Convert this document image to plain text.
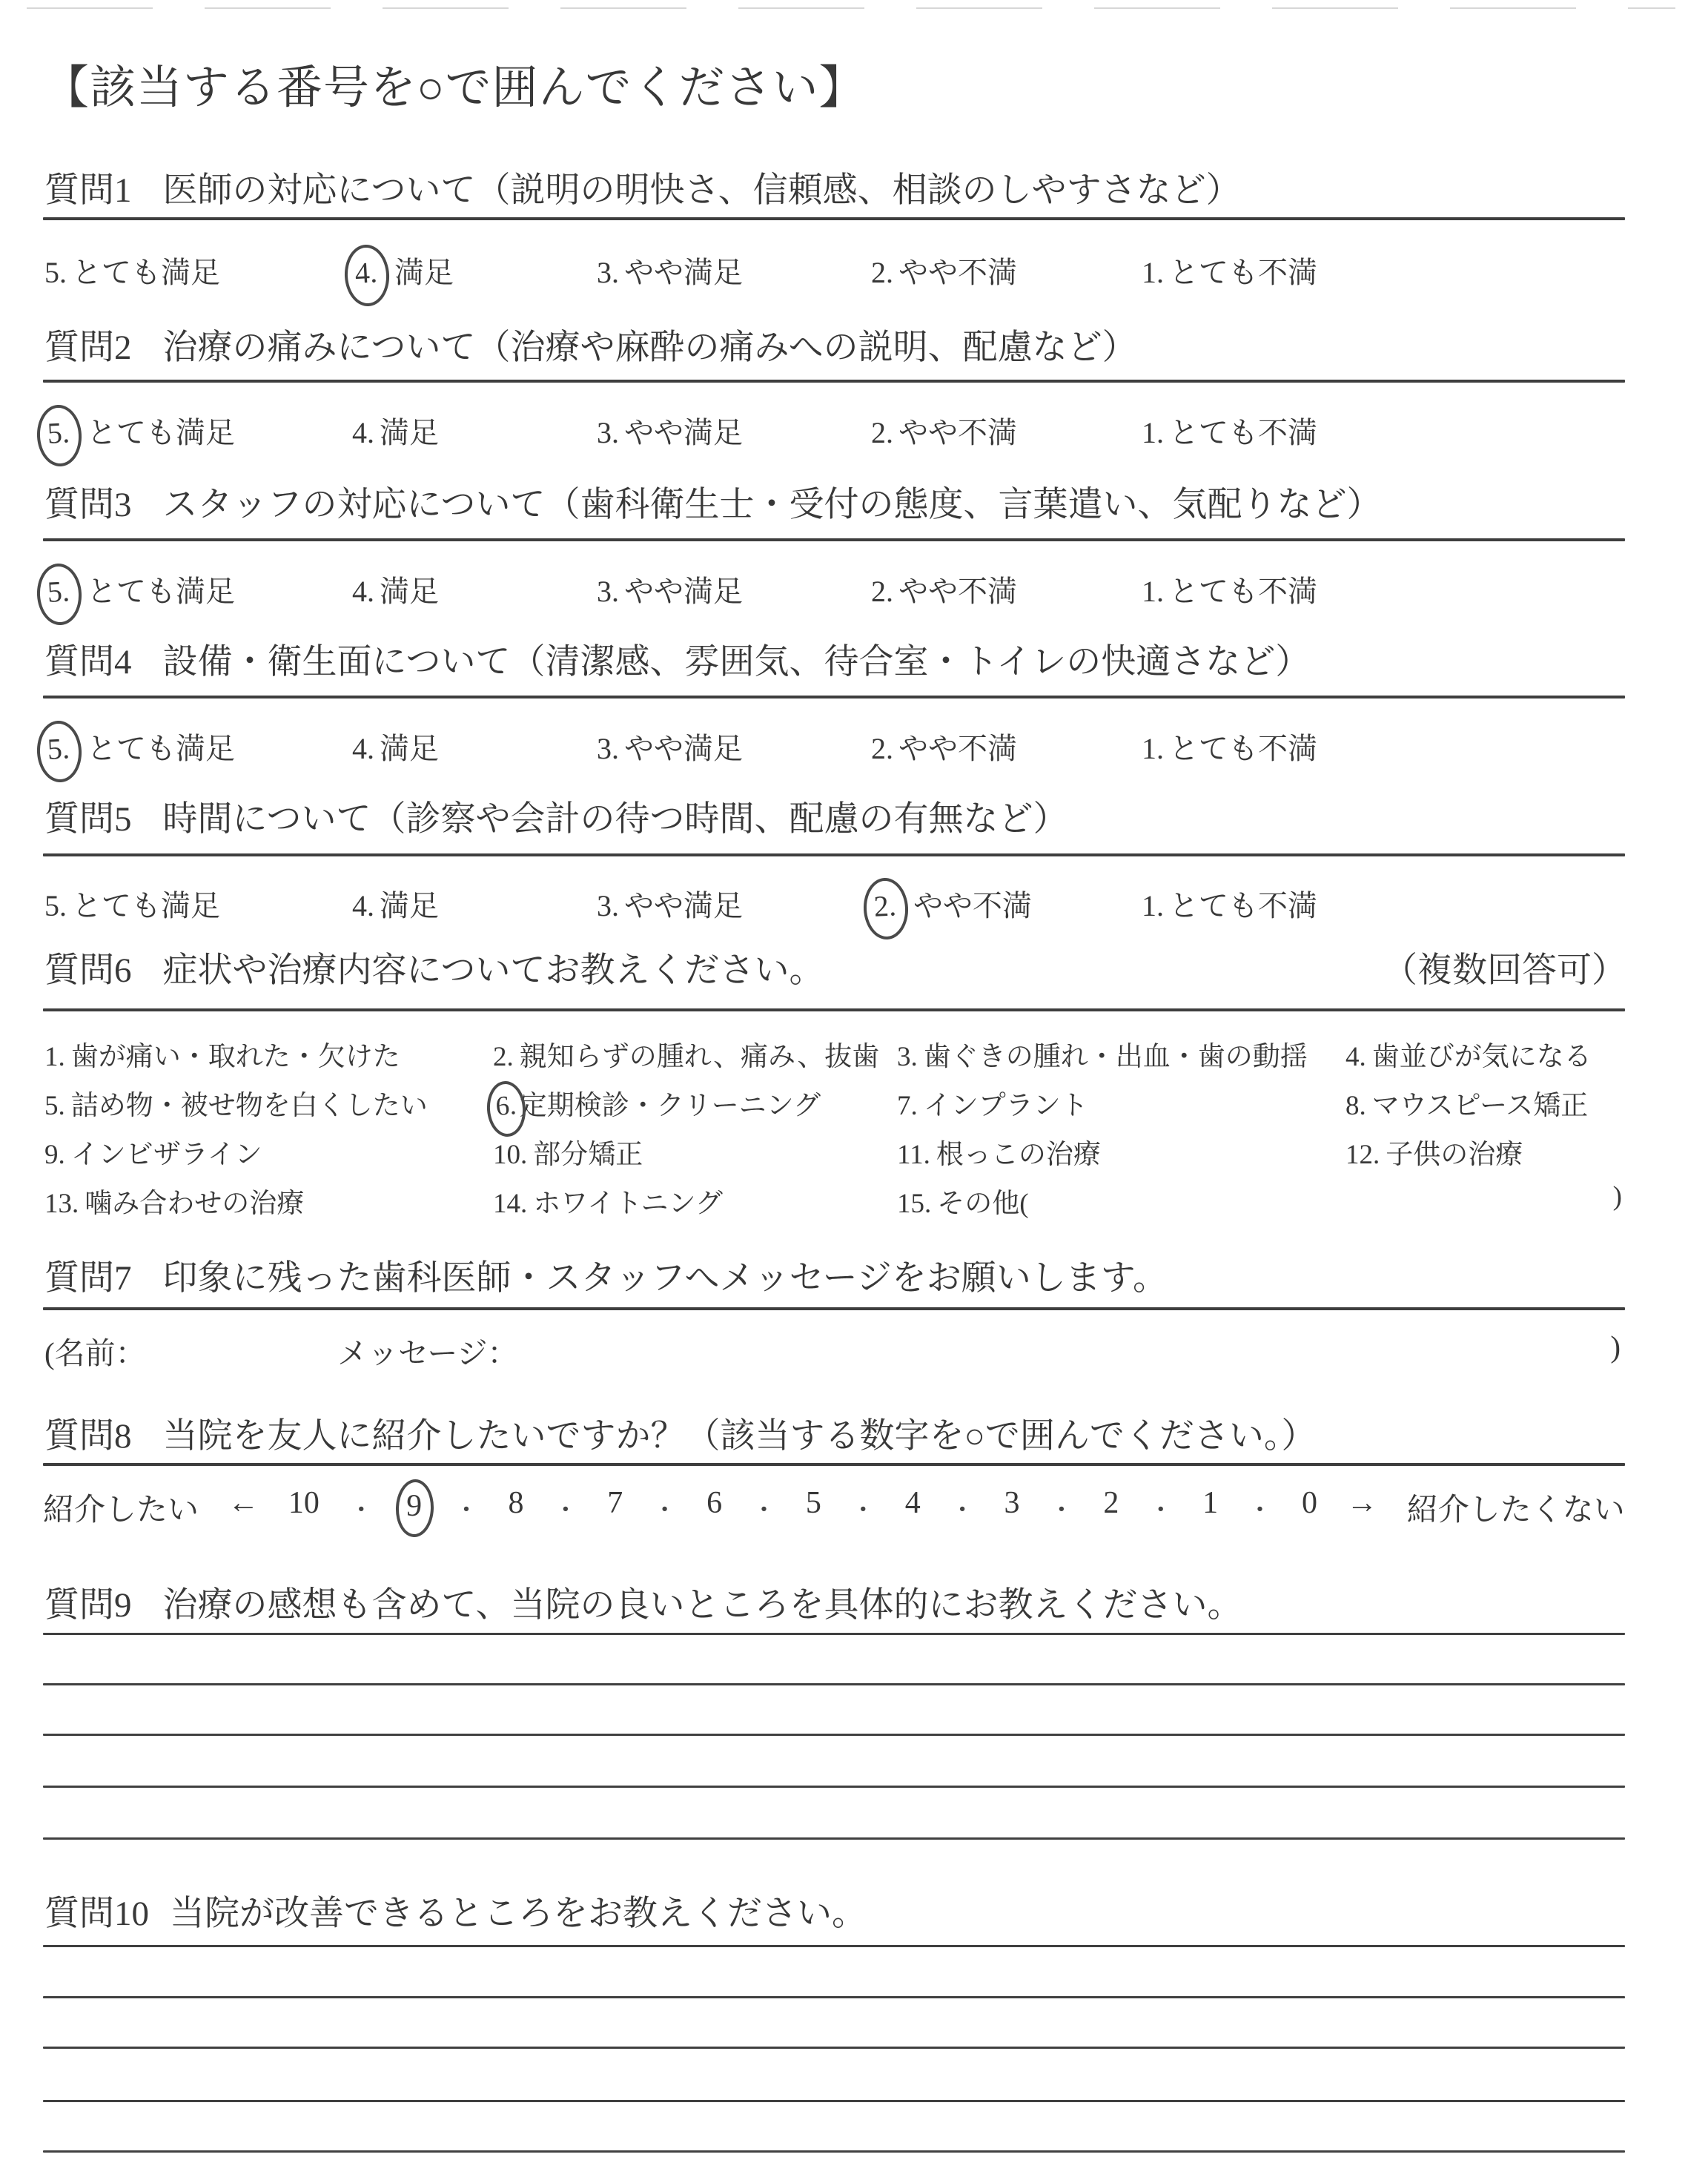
【該当する番号を○で囲んでください】
質問1 医師の対応について（説明の明快さ、信頼感、相談のしやすさなど）
5. とても満足	4. 満足	3. やや満足	2. やや不満	1. とても不満
質問2 治療の痛みについて（治療や麻酔の痛みへの説明、配慮など）
5. とても満足	4. 満足	3. やや満足	2. やや不満	1. とても不満
質問3 スタッフの対応について（歯科衛生士・受付の態度、言葉遣い、気配りなど）
5. とても満足	4. 満足	3. やや満足	2. やや不満	1. とても不満
質問4 設備・衛生面について（清潔感、雰囲気、待合室・トイレの快適さなど）
5. とても満足	4. 満足	3. やや満足	2. やや不満	1. とても不満
質問5 時間について（診察や会計の待つ時間、配慮の有無など）
5. とても満足	4. 満足	3. やや満足	2. やや不満	1. とても不満
質問6 症状や治療内容についてお教えください。	（複数回答可）
1. 歯が痛い・取れた・欠けた	2. 親知らずの腫れ、痛み、抜歯 3. 歯ぐきの腫れ・出血・歯の動揺 4. 歯並びが気になる
5. 詰め物・被せ物を白くしたい 6.定期検診・クリーニング	7. インプラント	8. マウスピース矯正
9. インビザライン	10. 部分矯正	11. 根っこの治療	12. 子供の治療
13. 噛み合わせの治療	14. ホワイトニング	15. その他(	)
質問7 印象に残った歯科医師・スタッフへメッセージをお願いします。
(名前：	メッセージ：	)
質問8 当院を友人に紹介したいですか？（該当する数字を○で囲んでください。）
紹介したい ← 10 ・	9	・ 8 ・ 7 ・ 6 ・ 5 ・ 4 ・ 3 ・ 2 ・ 1 ・ 0 → 紹介したくない
質問9 治療の感想も含めて、当院の良いところを具体的にお教えください。
質問10 当院が改善できるところをお教えください。
